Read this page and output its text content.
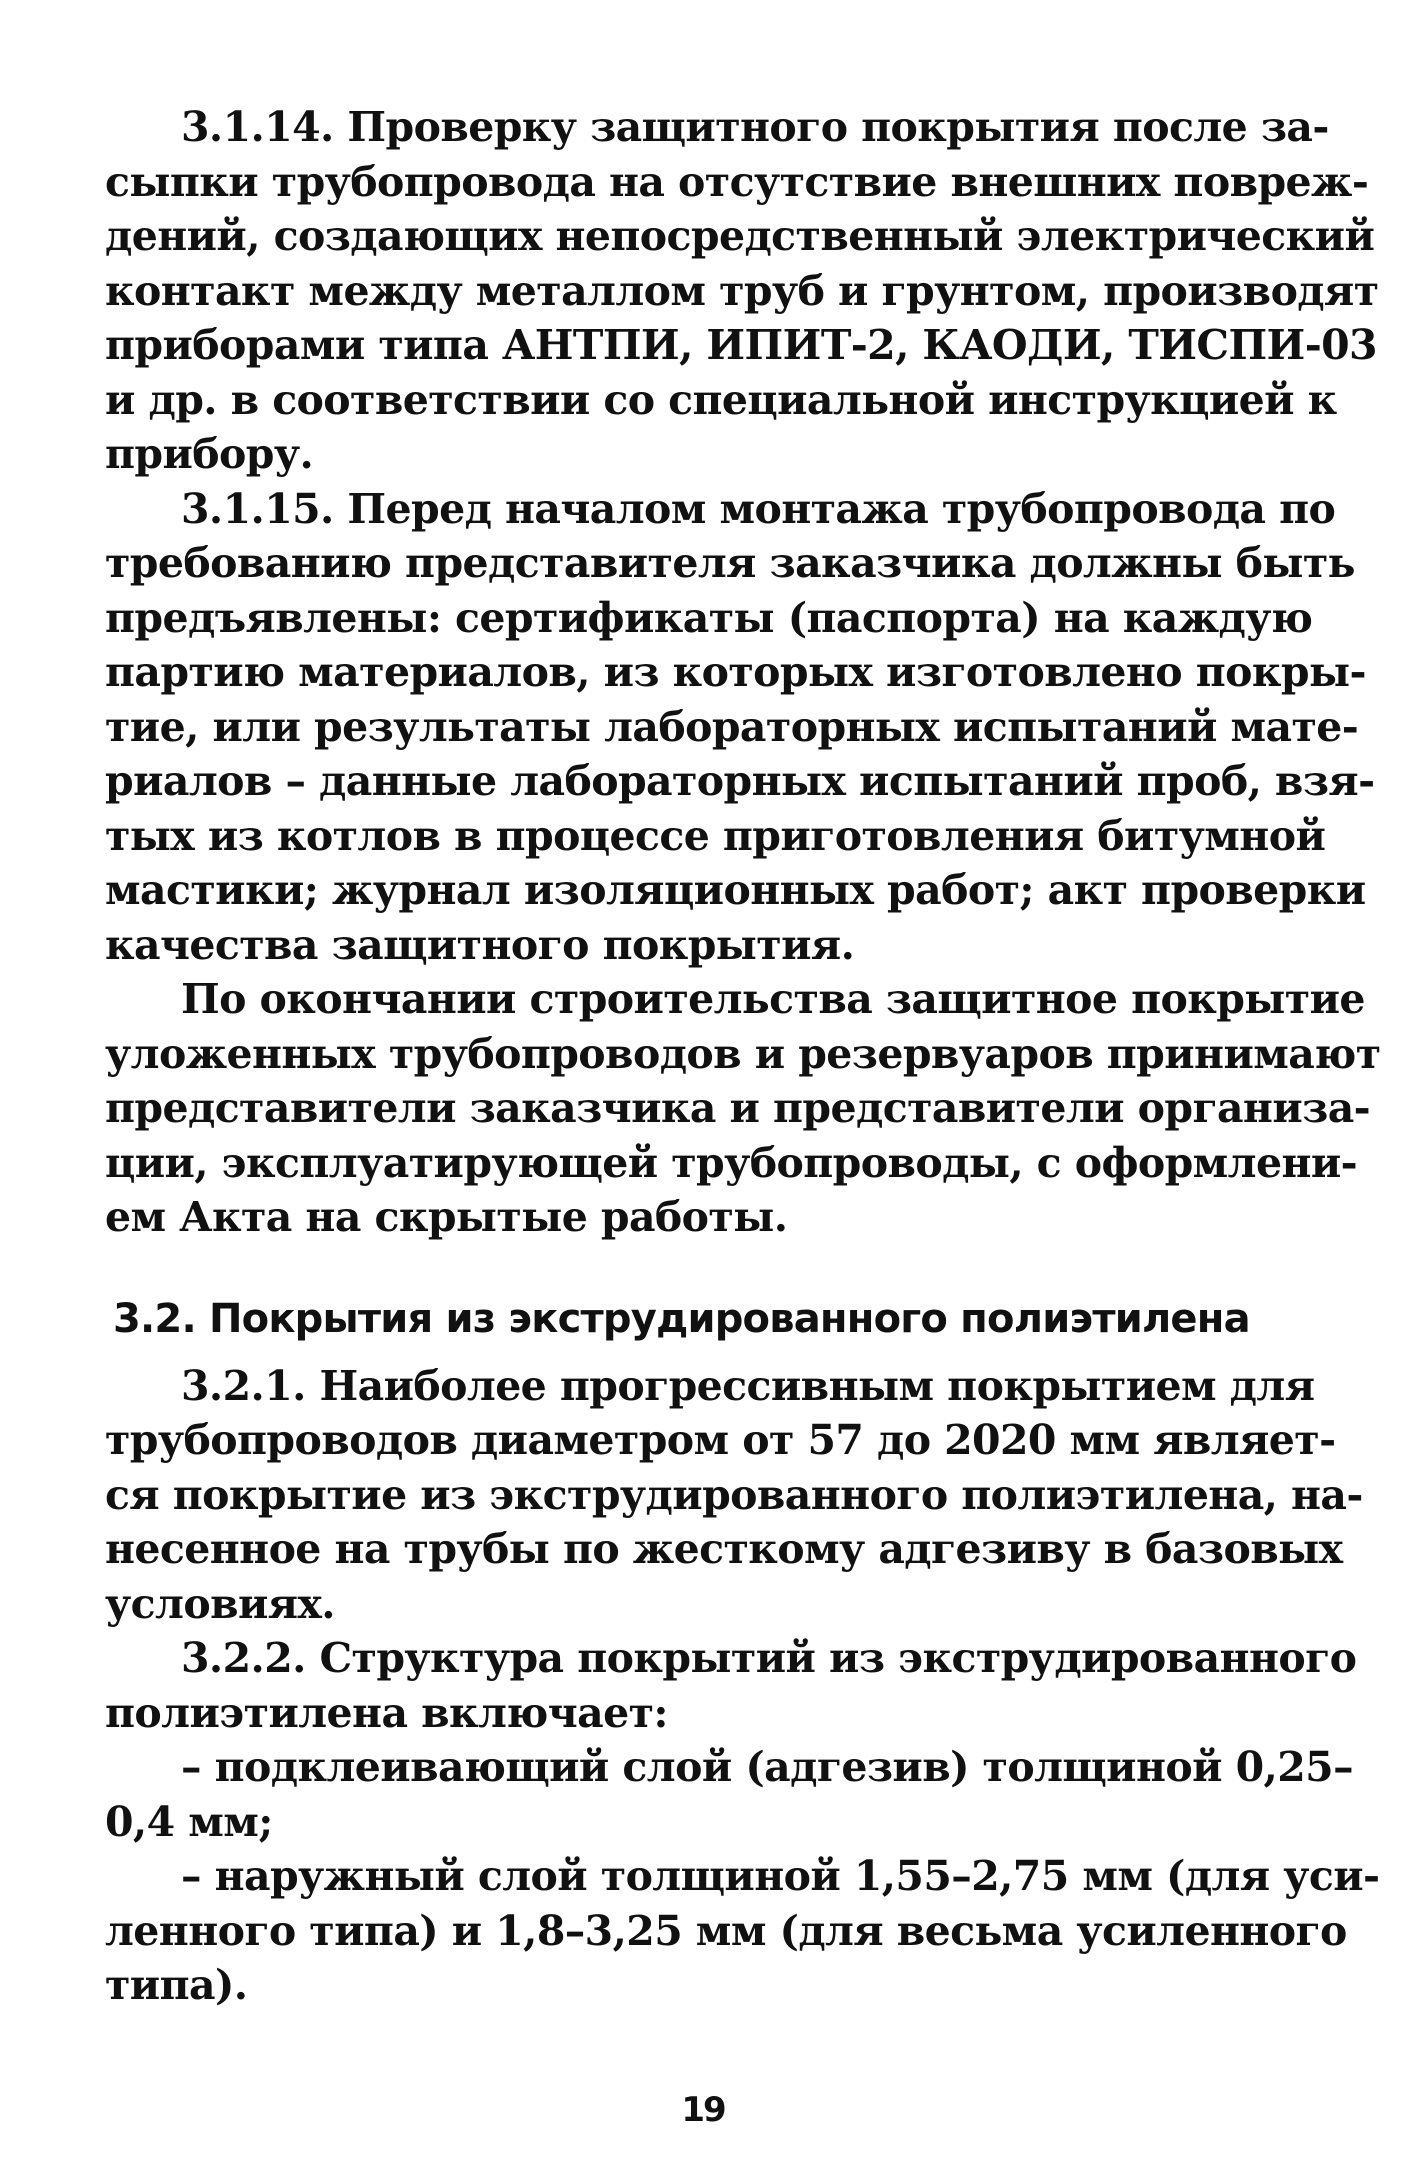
3.1.14. Проверку защитного покрытия после за-
сыпки трубопровода на отсутствие внешних повреж-
дений, создающих непосредственный электрический
контакт между металлом труб и грунтом, производят
приборами типа АНТПИ, ИПИТ-2, КАОДИ, ТИСПИ-03
и др. в соответствии со специальной инструкцией к
прибору.
3.1.15. Перед началом монтажа трубопровода по
требованию представителя заказчика должны быть
предъявлены: сертификаты (паспорта) на каждую
партию материалов, из которых изготовлено покры-
тие, или результаты лабораторных испытаний мате-
риалов – данные лабораторных испытаний проб, взя-
тых из котлов в процессе приготовления битумной
мастики; журнал изоляционных работ; акт проверки
качества защитного покрытия.
По окончании строительства защитное покрытие
уложенных трубопроводов и резервуаров принимают
представители заказчика и представители организа-
ции, эксплуатирующей трубопроводы, с оформлени-
ем Акта на скрытые работы.
3.2. Покрытия из экструдированного полиэтилена
3.2.1. Наиболее прогрессивным покрытием для
трубопроводов диаметром от 57 до 2020 мм являет-
ся покрытие из экструдированного полиэтилена, на-
несенное на трубы по жесткому адгезиву в базовых
условиях.
3.2.2. Структура покрытий из экструдированного
полиэтилена включает:
– подклеивающий слой (адгезив) толщиной 0,25–
0,4 мм;
– наружный слой толщиной 1,55–2,75 мм (для уси-
ленного типа) и 1,8–3,25 мм (для весьма усиленного
типа).
19
